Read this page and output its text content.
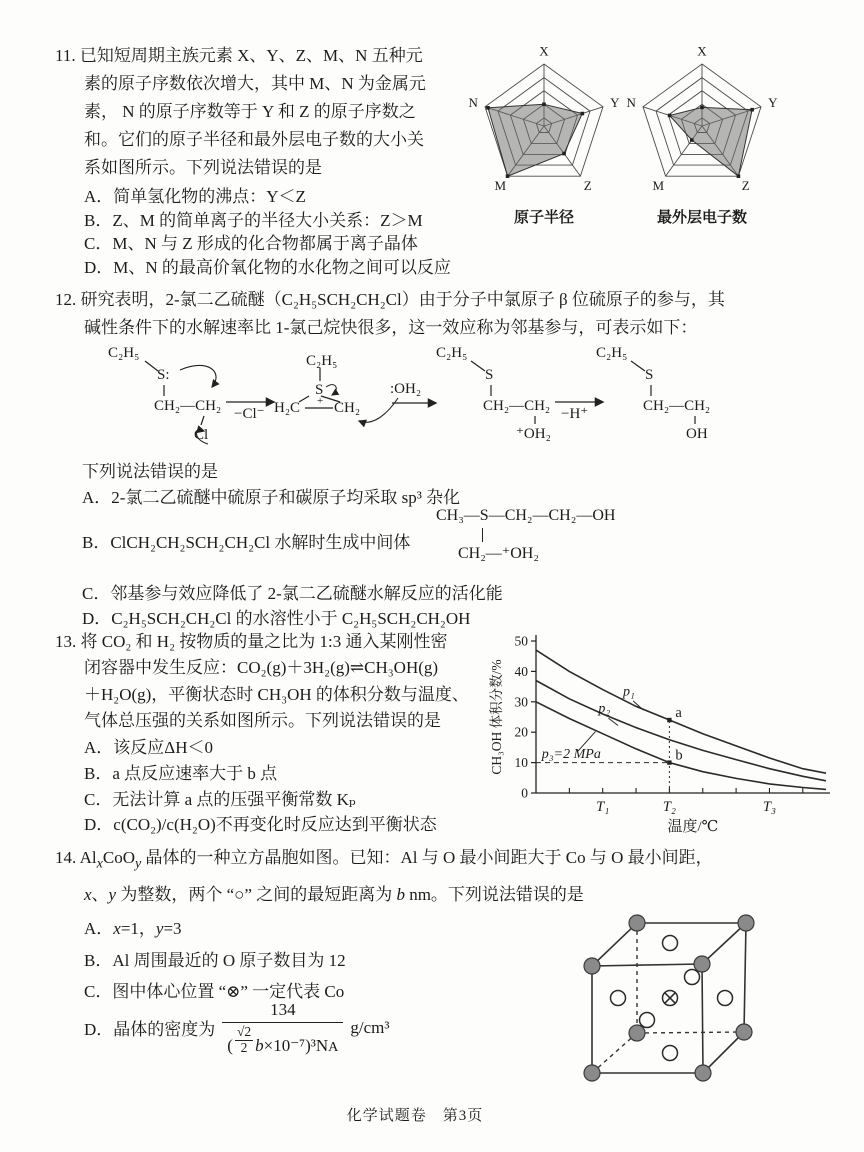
11. 已知短周期主族元素 X、Y、Z、M、N 五种元
素的原子序数依次增大，其中 M、N 为金属元
素， N 的原子序数等于 Y 和 Z 的原子序数之
和。它们的原子半径和最外层电子数的大小关
系如图所示。下列说法错误的是
A．简单氢化物的沸点：Y＜Z
B．Z、M 的简单离子的半径大小关系：Z＞M
C．M、N 与 Z 形成的化合物都属于离子晶体
D．M、N 的最高价氧化物的水化物之间可以反应
X
Y
Z
M
N
原子半径
X
Y
Z
M
N
最外层电子数
12. 研究表明，2-氯二乙硫醚（C₂H₅SCH₂CH₂Cl）由于分子中氯原子 β 位硫原子的参与，其
碱性条件下的水解速率比 1-氯己烷快很多，这一效应称为邻基参与，可表示如下：
C₂H₅
S:
CH₂—CH₂
Cl
−Cl⁻
C₂H₅
S
+
H₂C CH₂
:OH₂
C₂H₅
S
CH₂—CH₂
⁺OH₂
−H⁺
C₂H₅
S
CH₂—CH₂
OH
下列说法错误的是
A．2-氯二乙硫醚中硫原子和碳原子均采取 sp³ 杂化
B．ClCH₂CH₂SCH₂CH₂Cl 水解时生成中间体
CH₃—S—CH₂—CH₂—OH
CH₂—⁺OH₂
C．邻基参与效应降低了 2-氯二乙硫醚水解反应的活化能
D．C₂H₅SCH₂CH₂Cl 的水溶性小于 C₂H₅SCH₂CH₂OH
13. 将 CO₂ 和 H₂ 按物质的量之比为 1:3 通入某刚性密
闭容器中发生反应：CO₂(g)＋3H₂(g)⇌CH₃OH(g)
＋H₂O(g)，平衡状态时 CH₃OH 的体积分数与温度、
气体总压强的关系如图所示。下列说法错误的是
A．该反应ΔH＜0
B．a 点反应速率大于 b 点
C．无法计算 a 点的压强平衡常数 Kₚ
D．c(CO₂)/c(H₂O)不再变化时反应达到平衡状态
0
10
20
30
40
50
T₁	T₂	T₃
温度/℃
CH₃OH 体积分数/%	p₁
p₂
p₃=2 MPa
a
b
14. $Al_xCoO_y$ 晶体的一种立方晶胞如图。已知：Al 与 O 最小间距大于 Co 与 O 最小间距，
x、y 为整数，两个 “○” 之间的最短距离为 b nm。下列说法错误的是
A．x=1，y=3
B．Al 周围最近的 O 原子数目为 12
C．图中体心位置 “⊗” 一定代表 Co
D．晶体的密度为
134
(
√2
2 b ×10⁻⁷)³N A
g/cm³
化学试题卷　第3页
